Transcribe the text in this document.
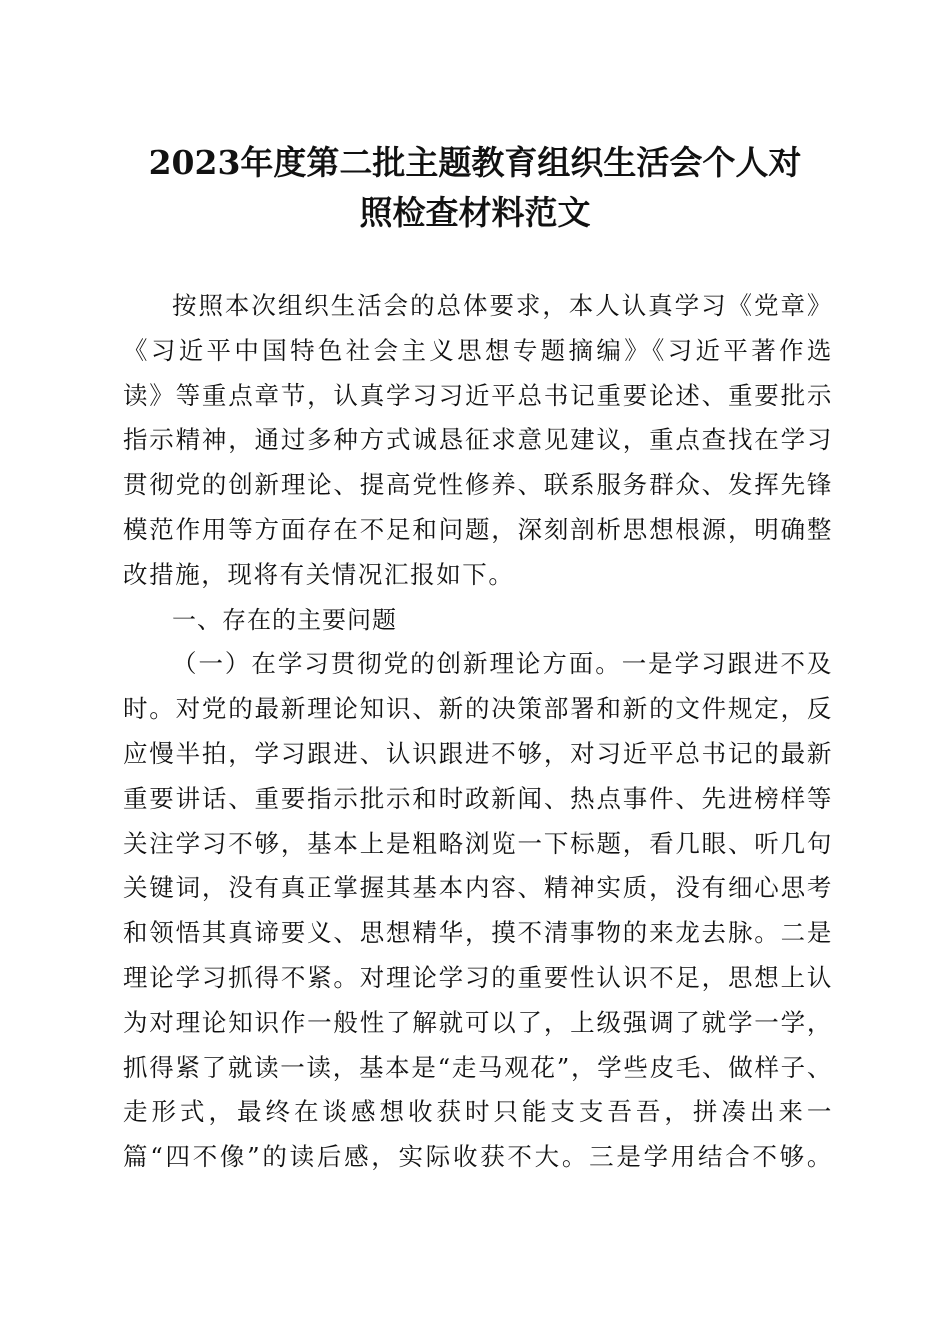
2023年度第二批主题教育组织生活会个人对
照检查材料范文
按照本次组织生活会的总体要求，本人认真学习《党章》
《习近平中国特色社会主义思想专题摘编》《习近平著作选
读》等重点章节，认真学习习近平总书记重要论述、重要批示
指示精神，通过多种方式诚恳征求意见建议，重点查找在学习
贯彻党的创新理论、提高党性修养、联系服务群众、发挥先锋
模范作用等方面存在不足和问题，深刻剖析思想根源，明确整
改措施，现将有关情况汇报如下。
一、存在的主要问题
（一）在学习贯彻党的创新理论方面。一是学习跟进不及
时。对党的最新理论知识、新的决策部署和新的文件规定，反
应慢半拍，学习跟进、认识跟进不够，对习近平总书记的最新
重要讲话、重要指示批示和时政新闻、热点事件、先进榜样等
关注学习不够，基本上是粗略浏览一下标题，看几眼、听几句
关键词，没有真正掌握其基本内容、精神实质，没有细心思考
和领悟其真谛要义、思想精华，摸不清事物的来龙去脉。二是
理论学习抓得不紧。对理论学习的重要性认识不足，思想上认
为对理论知识作一般性了解就可以了，上级强调了就学一学，
抓得紧了就读一读，基本是“走马观花”，学些皮毛、做样子、
走形式，最终在谈感想收获时只能支支吾吾，拼凑出来一
篇“四不像”的读后感，实际收获不大。三是学用结合不够。
